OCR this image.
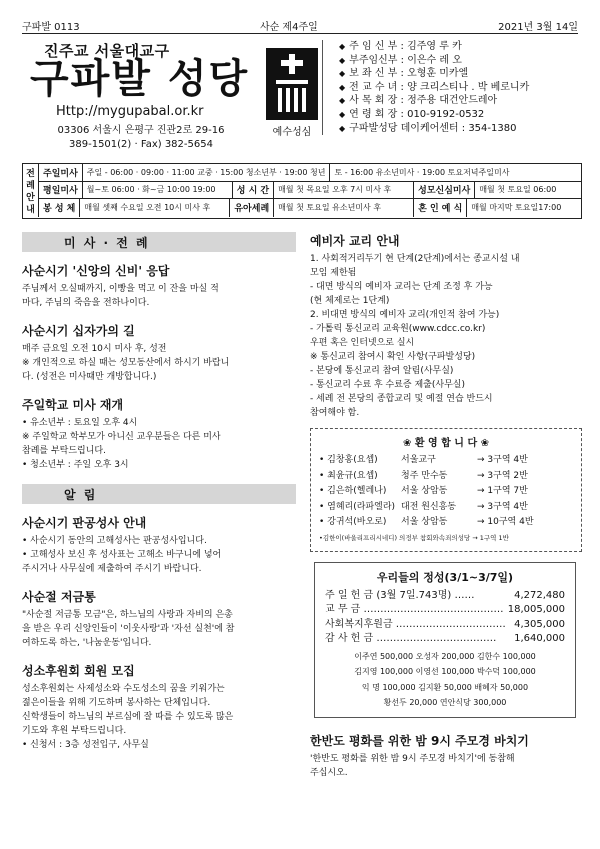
구파발 0113	사순 제4주일	2021년 3월 14일
진주교 서울대교구
구파발 성당
Http://mygupabal.or.kr
03306 서울시 은평구 진관2로 29-16
389-1501(2) · Fax) 382-5654
예수성심
◆ 주 임 신 부 : 김주영 루 카
◆ 부주임신부 : 이은수 레 오
◆ 보 좌 신 부 : 오형훈 미카엘
◆ 전 교 수 녀 : 양 크리스티나 . 박 베로니카
◆ 사 목 회 장 : 정주용 대건안드레아
◆ 연 령 회 장 : 010-9192-0532
◆ 구파발성당 데이케어센터 : 354-1380
전례안내
주일미사	주일 - 06:00 · 09:00 · 11:00 교중 · 15:00 청소년부 · 19:00 청년	토 - 16:00 유소년미사 · 19:00 토요저녁주일미사
평일미사	월~토 06:00 · 화~금 10:00 19:00	성 시 간	매월 첫 목요일 오후 7시 미사 후	성모신심미사	매월 첫 토요일 06:00
봉 성 체	매월 셋째 수요일 오전 10시 미사 후	유아세례	매월 첫 토요일 유소년미사 후	혼 인 예 식	매월 마지막 토요일17:00
미 사 · 전 례
사순시기 '신앙의 신비' 응답

주님께서 오실때까지, 이빵을 먹고 이 잔을 마실 적

마다, 주님의 죽음을 전하나이다.

사순시기 십자가의 길

매주 금요일 오전 10시 미사 후, 성전

※ 개인적으로 하실 때는 성모동산에서 하시기 바랍니

다. (성전은 미사때만 개방합니다.)

주일학교 미사 재개

• 유소년부 : 토요일 오후 4시

※ 주일학교 학부모가 아니신 교우분들은 다른 미사

참례를 부탁드립니다.

• 청소년부 : 주일 오후 3시

알 림
사순시기 판공성사 안내

• 사순시기 동안의 고해성사는 판공성사입니다.

• 고해성사 보신 후 성사표는 고해소 바구니에 넣어

주시거나 사무실에 제출하여 주시기 바랍니다.

사순절 저금통

"사순절 저금통 모금"은, 하느님의 사랑과 자비의 은총

을 받은 우리 신앙인들이 '이웃사랑'과 '자선 실천'에 참

여하도록 하는, '나눔운동'입니다.

성소후원회 회원 모집

성소후원회는 사제성소와 수도성소의 꿈을 키워가는

젊은이들을 위해 기도하며 봉사하는 단체입니다.

신학생들이 하느님의 부르심에 잘 따를 수 있도록 많은

기도와 후원 부탁드립니다.

• 신청서 : 3층 성전입구, 사무실

예비자 교리 안내

1. 사회적거리두기 현 단계(2단계)에서는 종교시설 내

모임 제한됨

- 대면 방식의 예비자 교리는 단계 조정 후 가능

(현 체제로는 1단계)

2. 비대면 방식의 예비자 교리(개인적 참여 가능)

- 가톨릭 통신교리 교육원(www.cdcc.co.kr)

우편 혹은 인터넷으로 실시

※ 통신교리 참여시 확인 사항(구파발성당)

- 본당에 통신교리 참여 알림(사무실)

- 통신교리 수료 후 수료증 제출(사무실)

- 세례 전 본당의 종합교리 및 예절 연습 반드시

참여해야 함.

❀ 환 영 합 니 다 ❀
• 김창홍(요셉)	서울교구	→ 3구역 4반
• 최윤규(요셉)	청주 만수동	→ 3구역 2반
• 김은하(헬레나)	서울 상암동	→ 1구역 7반
• 염혜리(라파엘라) 대전 원신흥동	→ 3구역 4반
• 강귀석(바오로)	서울 상암동	→ 10구역 4반
• 김한이(바울리프리시네디) 의정부 참회와속죄의성당 → 1구역 1반
우리들의 정성(3/1~3/7일)
주 일 헌 금 (3월 7일.743명) ……	4,272,480
교 무 금 …………………………………… 18,005,000
사회복지후원금 …………………………… 4,305,000
감 사 헌 금 ……………………………… 1,640,000
이주연 500,000 오성자 200,000 김한수 100,000
김지영 100,000 이영선 100,000 박수덕 100,000
익 명 100,000 김지환 50,000 배혜자 50,000
황선두 20,000 연안식당 300,000
한반도 평화를 위한 밤 9시 주모경 바치기

'한반도 평화를 위한 밤 9시 주모경 바치기'에 동참해

주십시오.
